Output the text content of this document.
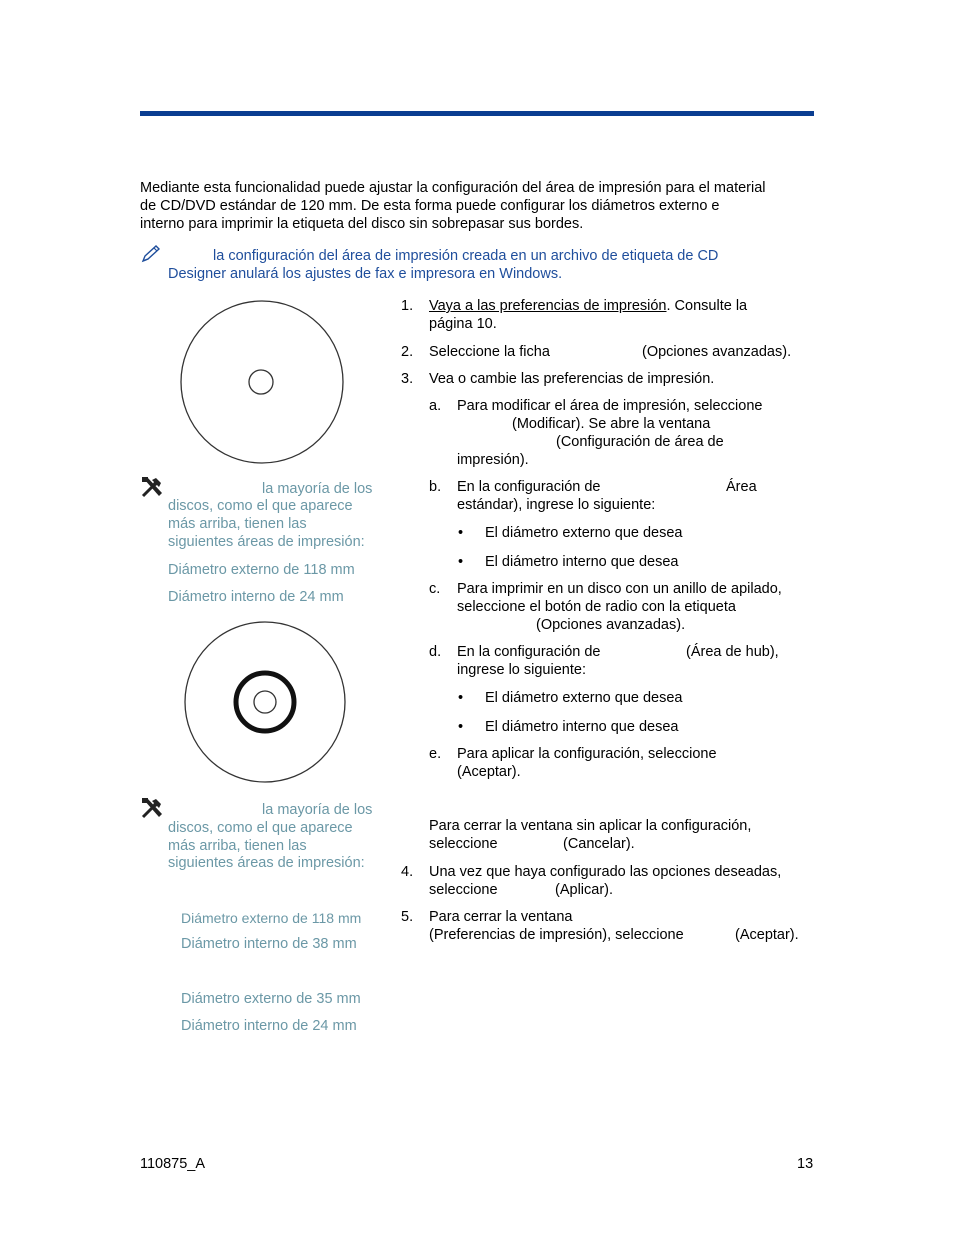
Mediante esta funcionalidad puede ajustar la configuración del área de impresión para el material
de CD/DVD estándar de 120 mm. De esta forma puede configurar los diámetros externo e
interno para imprimir la etiqueta del disco sin sobrepasar sus bordes.
la configuración del área de impresión creada en un archivo de etiqueta de CD
Designer anulará los ajustes de fax e impresora en Windows.
la mayoría de los
discos, como el que aparece
más arriba, tienen las
siguientes áreas de impresión:
Diámetro externo de 118 mm
Diámetro interno de 24 mm
la mayoría de los
discos, como el que aparece
más arriba, tienen las
siguientes áreas de impresión:
Diámetro externo de 118 mm
Diámetro interno de 38 mm
Diámetro externo de 35 mm
Diámetro interno de 24 mm
1. Vaya a las preferencias de impresión. Consulte la
página 10.
2. Seleccione la ficha	(Opciones avanzadas).
3. Vea o cambie las preferencias de impresión.
a. Para modificar el área de impresión, seleccione
(Modificar). Se abre la ventana
(Configuración de área de
impresión).
b. En la configuración de	Área
estándar), ingrese lo siguiente:
• El diámetro externo que desea
• El diámetro interno que desea
c. Para imprimir en un disco con un anillo de apilado,
seleccione el botón de radio con la etiqueta
(Opciones avanzadas).
d. En la configuración de	(Área de hub),
ingrese lo siguiente:
• El diámetro externo que desea
• El diámetro interno que desea
e. Para aplicar la configuración, seleccione
(Aceptar).
Para cerrar la ventana sin aplicar la configuración,
seleccione	(Cancelar).
4. Una vez que haya configurado las opciones deseadas,
seleccione	(Aplicar).
5. Para cerrar la ventana
(Preferencias de impresión), seleccione	(Aceptar).
110875_A	13
